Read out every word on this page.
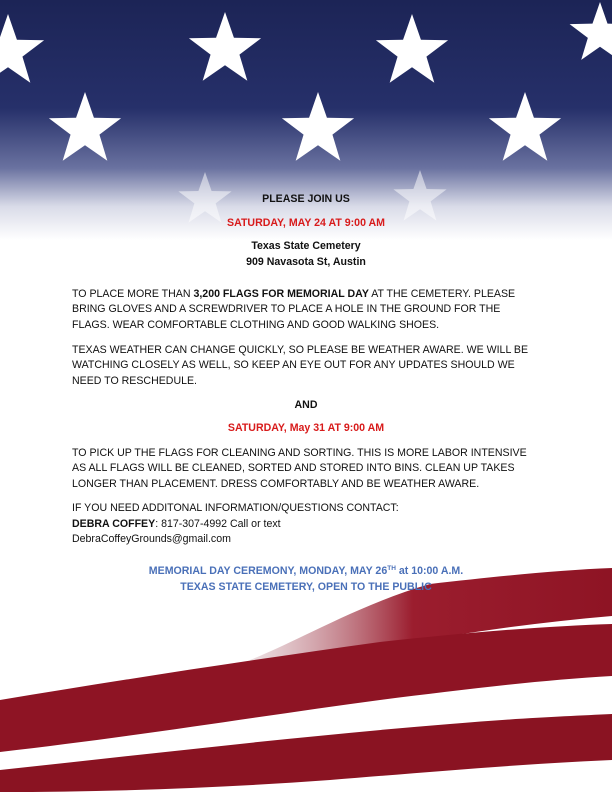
PLEASE JOIN US
SATURDAY, MAY 24 AT 9:00 AM
Texas State Cemetery
909 Navasota St, Austin

TO PLACE MORE THAN 3,200 FLAGS FOR MEMORIAL DAY AT THE CEMETERY. PLEASE BRING GLOVES AND A SCREWDRIVER TO PLACE A HOLE IN THE GROUND FOR THE FLAGS. WEAR COMFORTABLE CLOTHING AND GOOD WALKING SHOES.

TEXAS WEATHER CAN CHANGE QUICKLY, SO PLEASE BE WEATHER AWARE. WE WILL BE WATCHING CLOSELY AS WELL, SO KEEP AN EYE OUT FOR ANY UPDATES SHOULD WE NEED TO RESCHEDULE.

AND
SATURDAY, May 31 AT 9:00 AM

TO PICK UP THE FLAGS FOR CLEANING AND SORTING. THIS IS MORE LABOR INTENSIVE AS ALL FLAGS WILL BE CLEANED, SORTED AND STORED INTO BINS. CLEAN UP TAKES LONGER THAN PLACEMENT. DRESS COMFORTABLY AND BE WEATHER AWARE.

IF YOU NEED ADDITONAL INFORMATION/QUESTIONS CONTACT:

DEBRA COFFEY: 817-307-4992 Call or text

DebraCoffeyGrounds@gmail.com

MEMORIAL DAY CEREMONY, MONDAY, MAY 26TH at 10:00 A.M.

TEXAS STATE CEMETERY, OPEN TO THE PUBLIC
